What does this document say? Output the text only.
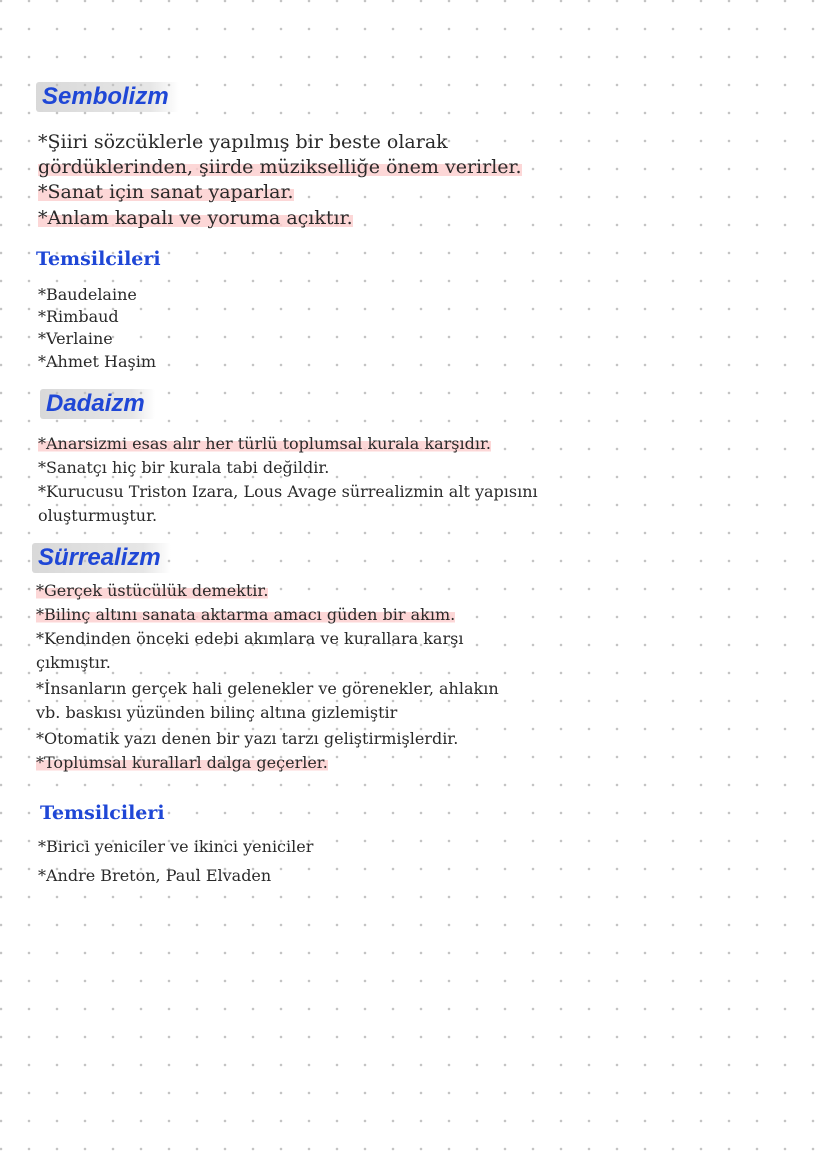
Sembolizm
*Şiiri sözcüklerle yapılmış bir beste olarak
gördüklerinden, şiirde müzikselliğe önem verirler.
*Sanat için sanat yaparlar.
*Anlam kapalı ve yoruma açıktır.
Temsilcileri
*Baudelaine
*Rimbaud
*Verlaine
*Ahmet Haşim
Dadaizm
*Anarsizmi esas alır her türlü toplumsal kurala karşıdır.
*Sanatçı hiç bir kurala tabi değildir.
*Kurucusu Triston Izara, Lous Avage sürrealizmin alt yapısını
oluşturmuştur.
Sürrealizm
*Gerçek üstücülük demektir.
*Bilinç altını sanata aktarma amacı güden bir akım.
*Kendinden önceki edebi akımlara ve kurallara karşı
çıkmıştır.
*İnsanların gerçek hali gelenekler ve görenekler, ahlakın
vb. baskısı yüzünden bilinç altına gizlemiştir
*Otomatik yazı denen bir yazı tarzı geliştirmişlerdir.
*Toplumsal kurallarl dalga geçerler.
Temsilcileri
*Birici yeniciler ve ikinci yeniciler
*Andre Breton, Paul Elvaden
